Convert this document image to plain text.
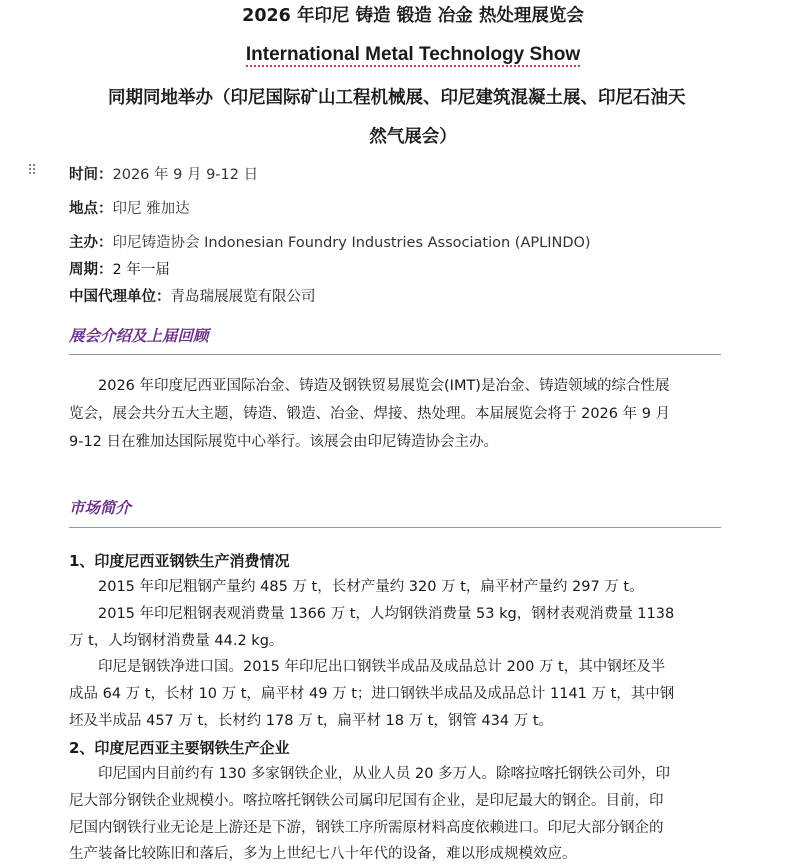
2026 年印尼 铸造 锻造 冶金 热处理展览会
International Metal Technology Show
同期同地举办（印尼国际矿山工程机械展、印尼建筑混凝土展、印尼石油天
然气展会）
⠿ 时间：2026 年 9 月 9-12 日
地点：印尼 雅加达
主办：印尼铸造协会 Indonesian Foundry Industries Association (APLINDO)
周期：2 年一届
中国代理单位：青岛瑞展展览有限公司
展会介绍及上届回顾
　　2026 年印度尼西亚国际冶金、铸造及钢铁贸易展览会(IMT)是冶金、铸造领域的综合性展
览会，展会共分五大主题，铸造、锻造、冶金、焊接、热处理。本届展览会将于 2026 年 9 月
9-12 日在雅加达国际展览中心举行。该展会由印尼铸造协会主办。
市场简介
1、印度尼西亚钢铁生产消费情况
　　2015 年印尼粗钢产量约 485 万 t，长材产量约 320 万 t，扁平材产量约 297 万 t。
　　2015 年印尼粗钢表观消费量 1366 万 t，人均钢铁消费量 53 kg，钢材表观消费量 1138
万 t，人均钢材消费量 44.2 kg。
　　印尼是钢铁净进口国。2015 年印尼出口钢铁半成品及成品总计 200 万 t，其中钢坯及半
成品 64 万 t，长材 10 万 t，扁平材 49 万 t；进口钢铁半成品及成品总计 1141 万 t，其中钢
坯及半成品 457 万 t，长材约 178 万 t，扁平材 18 万 t，钢管 434 万 t。
2、印度尼西亚主要钢铁生产企业
　　印尼国内目前约有 130 多家钢铁企业，从业人员 20 多万人。除喀拉喀托钢铁公司外，印
尼大部分钢铁企业规模小。喀拉喀托钢铁公司属印尼国有企业，是印尼最大的钢企。目前，印
尼国内钢铁行业无论是上游还是下游，钢铁工序所需原材料高度依赖进口。印尼大部分钢企的
生产装备比较陈旧和落后，多为上世纪七八十年代的设备，难以形成规模效应。
